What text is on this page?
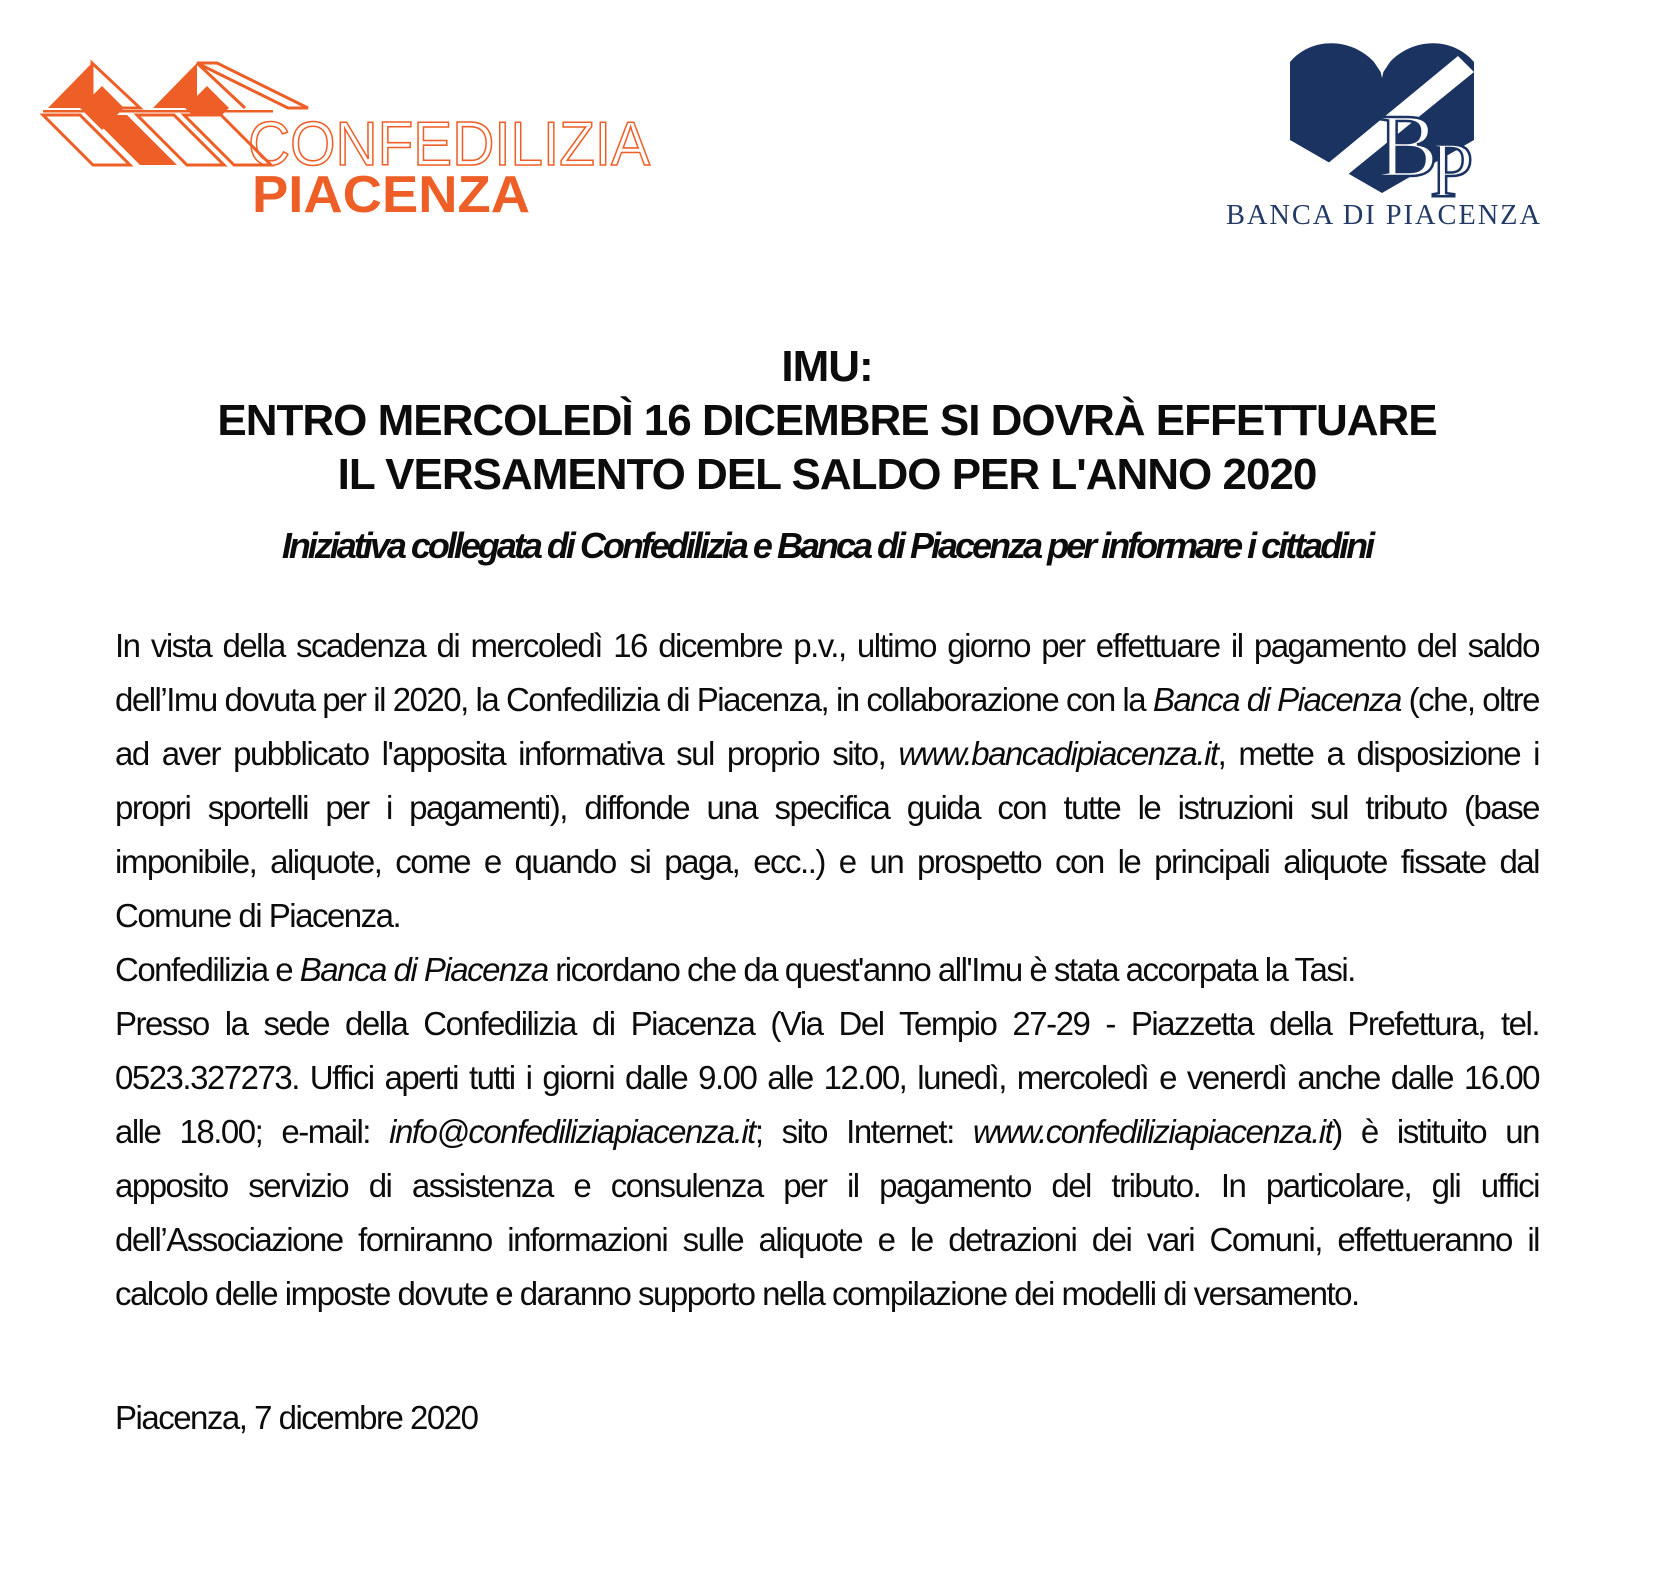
CONFEDILIZIA
PIACENZA	B P
BANCA DI PIACENZA
IMU:
ENTRO MERCOLEDÌ 16 DICEMBRE SI DOVRÀ EFFETTUARE
IL VERSAMENTO DEL SALDO PER L'ANNO 2020
Iniziativa collegata di Confedilizia e Banca di Piacenza per informare i cittadini

In vista della scadenza di mercoledì 16 dicembre p.v., ultimo giorno per effettuare il pagamento del saldo dell’Imu dovuta per il 2020, la Confedilizia di Piacenza, in collaborazione con la Banca di Piacenza (che, oltre ad aver pubblicato l'apposita informativa sul proprio sito, www.bancadipiacenza.it, mette a disposizione i propri sportelli per i pagamenti), diffonde una specifica guida con tutte le istruzioni sul tributo (base imponibile, aliquote, come e quando si paga, ecc..) e un prospetto con le principali aliquote fissate dal Comune di Piacenza.

Confedilizia e Banca di Piacenza ricordano che da quest'anno all'Imu è stata accorpata la Tasi.

Presso la sede della Confedilizia di Piacenza (Via Del Tempio 27-29 - Piazzetta della Prefettura, tel. 0523.327273. Uffici aperti tutti i giorni dalle 9.00 alle 12.00, lunedì, mercoledì e venerdì anche dalle 16.00 alle 18.00; e-mail: info@confediliziapiacenza.it; sito Internet: www.confediliziapiacenza.it) è istituito un apposito servizio di assistenza e consulenza per il pagamento del tributo. In particolare, gli uffici dell’Associazione forniranno informazioni sulle aliquote e le detrazioni dei vari Comuni, effettueranno il calcolo delle imposte dovute e daranno supporto nella compilazione dei modelli di versamento.

Piacenza, 7 dicembre 2020
